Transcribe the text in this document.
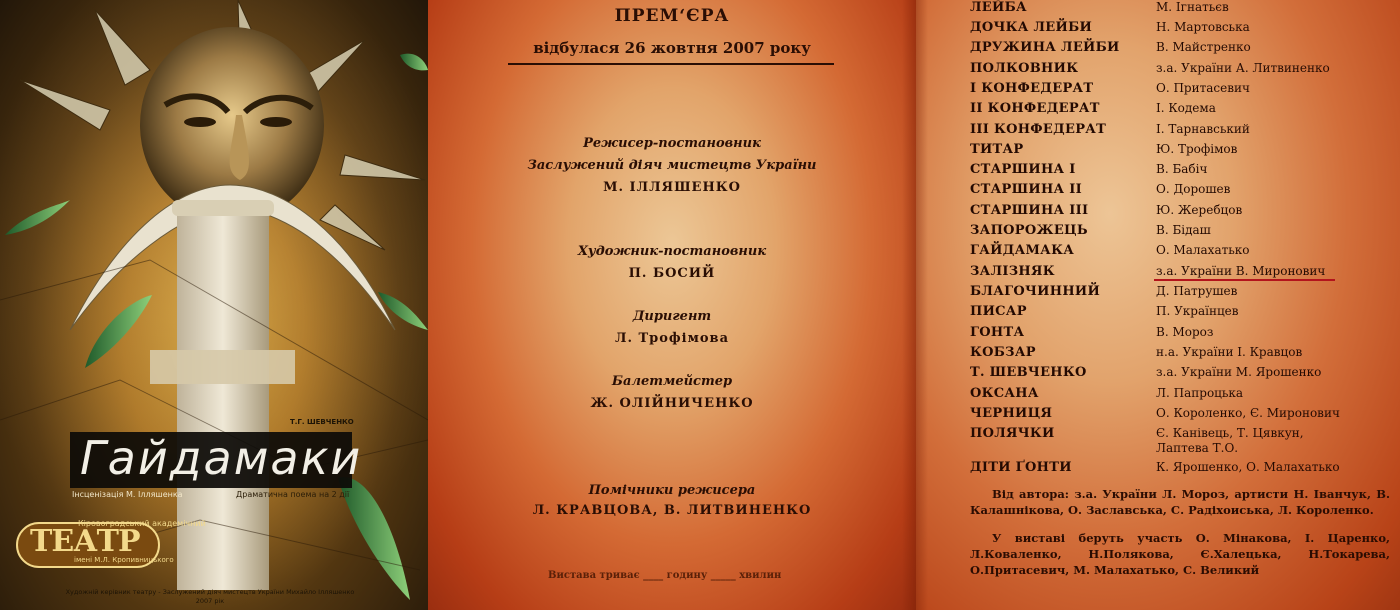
Т.Г. ШЕВЧЕНКО
Гайдамаки
Інсценізація М. Ілляшенка	Драматична поема на 2 дії
ТЕАТР
Кіровоградський академічний
імені М.Л. Кропивницького
Художній керівник театру - Заслужений діяч мистецтв України Михайло Ілляшенко
2007 рік
ПРЕМ‘ЄРА
відбулася 26 жовтня 2007 року
Режисер-постановник
Заслужений діяч мистецтв України
М. ІЛЛЯШЕНКО
Художник-постановник
П. БОСИЙ
Диригент
Л. Трофімова
Балетмейстер
Ж. ОЛІЙНИЧЕНКО
Помічники режисера
Л. КРАВЦОВА, В. ЛИТВИНЕНКО
Вистава триває ____ годину _____ хвилин
ЛЕЙБА	М. Ігнатьєв
ДОЧКА ЛЕЙБИ	Н. Мартовська
ДРУЖИНА ЛЕЙБИ	В. Майстренко
ПОЛКОВНИК	з.а. України А. Литвиненко
І КОНФЕДЕРАТ	О. Притасевич
ІІ КОНФЕДЕРАТ	І. Кодема
ІІІ КОНФЕДЕРАТ	І. Тарнавський
ТИТАР	Ю. Трофімов
СТАРШИНА І	В. Бабіч
СТАРШИНА ІІ	О. Дорошев
СТАРШИНА ІІІ	Ю. Жеребцов
ЗАПОРОЖЕЦЬ	В. Бідаш
ГАЙДАМАКА	О. Малахатько
ЗАЛІЗНЯК	з.а. України В. Миронович
БЛАГОЧИННИЙ	Д. Патрушев
ПИСАР	П. Українцев
ГОНТА	В. Мороз
КОБЗАР	н.а. України І. Кравцов
Т. ШЕВЧЕНКО	з.а. України М. Ярошенко
ОКСАНА	Л. Папроцька
ЧЕРНИЦЯ	О. Короленко, Є. Миронович
ПОЛЯЧКИ	Є. Канівець, Т. Цявкун, Лаптева Т.О.
ДІТИ ҐОНТИ	К. Ярошенко, О. Малахатько
Від автора: з.а. України Л. Мороз, артисти Н. Іванчук, В. Калашнікова, О. Заславська, С. Радіхоиська, Л. Короленко.
У виставі беруть участь О. Мінакова, І. Царенко, Л.Коваленко, Н.Полякова, Є.Халецька, Н.Токарева, О.Притасевич, М. Малахатько, С. Великий
